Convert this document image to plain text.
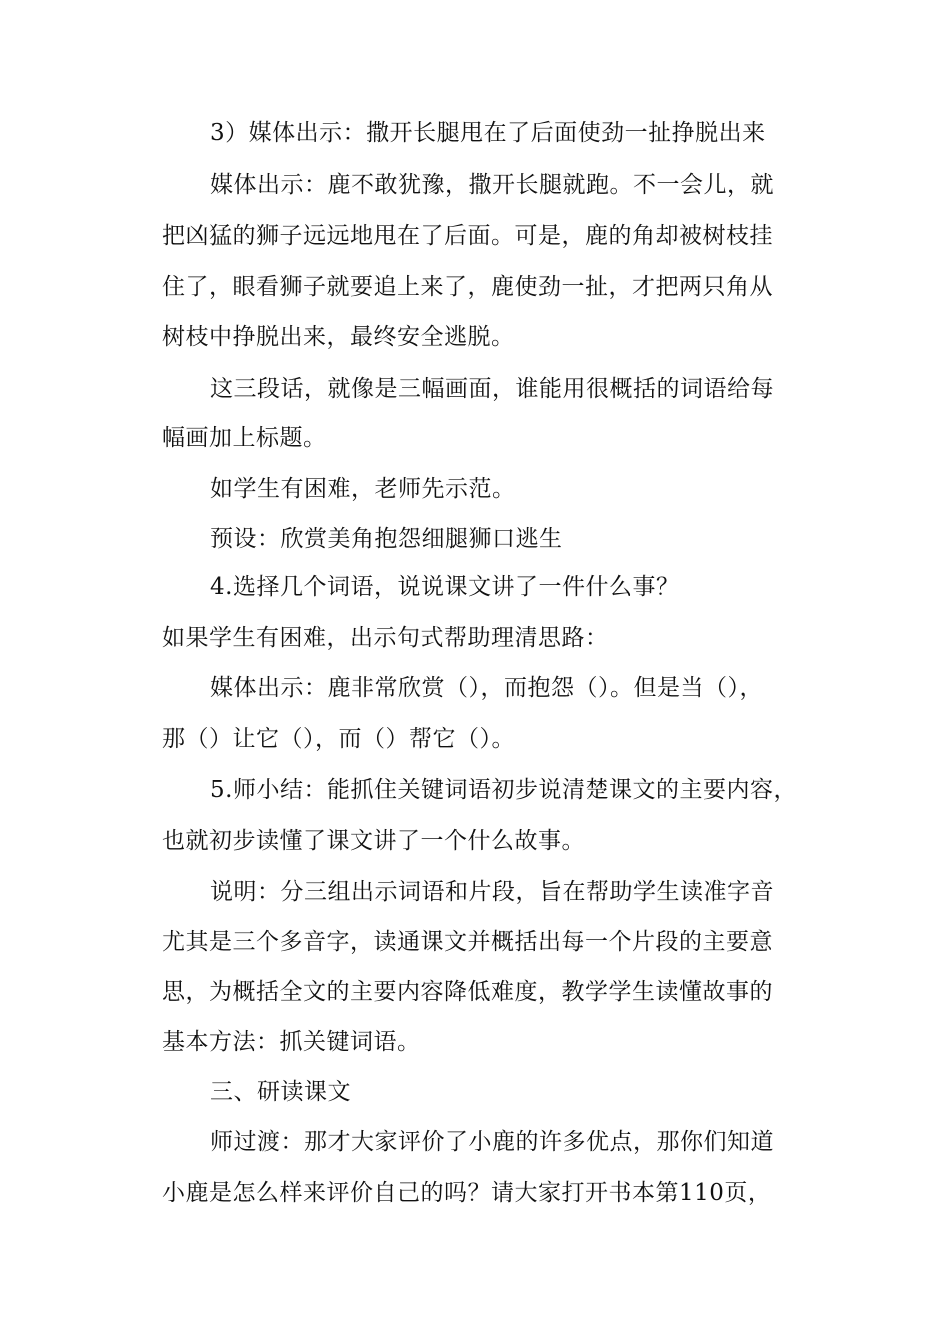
3）媒体出示：撒开长腿甩在了后面使劲一扯挣脱出来
媒体出示：鹿不敢犹豫，撒开长腿就跑。不一会儿，就
把凶猛的狮子远远地甩在了后面。可是，鹿的角却被树枝挂
住了，眼看狮子就要追上来了，鹿使劲一扯，才把两只角从
树枝中挣脱出来，最终安全逃脱。
这三段话，就像是三幅画面，谁能用很概括的词语给每
幅画加上标题。
如学生有困难，老师先示范。
预设：欣赏美角抱怨细腿狮口逃生
4.选择几个词语，说说课文讲了一件什么事？
如果学生有困难，出示句式帮助理清思路：
媒体出示：鹿非常欣赏（），而抱怨（）。但是当（），
那（）让它（），而（）帮它（）。
5.师小结：能抓住关键词语初步说清楚课文的主要内容，
也就初步读懂了课文讲了一个什么故事。
说明：分三组出示词语和片段，旨在帮助学生读准字音
尤其是三个多音字，读通课文并概括出每一个片段的主要意
思，为概括全文的主要内容降低难度，教学学生读懂故事的
基本方法：抓关键词语。
三、研读课文
师过渡：那才大家评价了小鹿的许多优点，那你们知道
小鹿是怎么样来评价自己的吗？请大家打开书本第110页，
